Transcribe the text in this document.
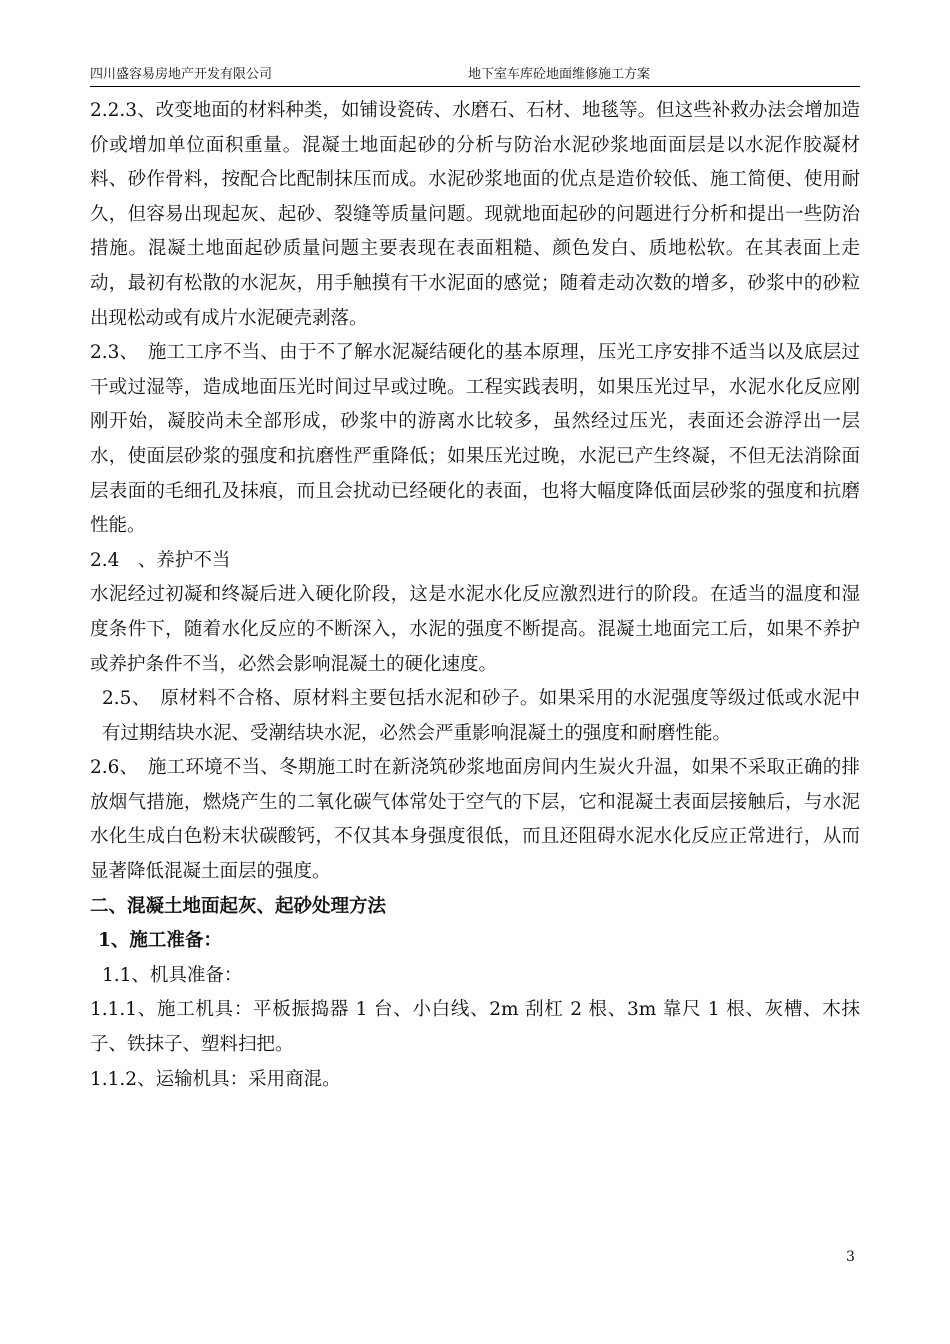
四川盛容易房地产开发有限公司	地下室车库砼地面维修施工方案

2.2.3、改变地面的材料种类，如铺设瓷砖、水磨石、石材、地毯等。但这些补救办法会增加造价或增加单位面积重量。混凝土地面起砂的分析与防治水泥砂浆地面面层是以水泥作胶凝材料、砂作骨料，按配合比配制抹压而成。水泥砂浆地面的优点是造价较低、施工简便、使用耐久，但容易出现起灰、起砂、裂缝等质量问题。现就地面起砂的问题进行分析和提出一些防治措施。混凝土地面起砂质量问题主要表现在表面粗糙、颜色发白、质地松软。在其表面上走动，最初有松散的水泥灰，用手触摸有干水泥面的感觉；随着走动次数的增多，砂浆中的砂粒出现松动或有成片水泥硬壳剥落。

2.3、　施工工序不当、由于不了解水泥凝结硬化的基本原理，压光工序安排不适当以及底层过干或过湿等，造成地面压光时间过早或过晚。工程实践表明，如果压光过早，水泥水化反应刚刚开始，凝胶尚未全部形成，砂浆中的游离水比较多，虽然经过压光，表面还会游浮出一层水，使面层砂浆的强度和抗磨性严重降低；如果压光过晚，水泥已产生终凝，不但无法消除面层表面的毛细孔及抹痕，而且会扰动已经硬化的表面，也将大幅度降低面层砂浆的强度和抗磨性能。

2.4　、养护不当

水泥经过初凝和终凝后进入硬化阶段，这是水泥水化反应激烈进行的阶段。在适当的温度和湿度条件下，随着水化反应的不断深入，水泥的强度不断提高。混凝土地面完工后，如果不养护或养护条件不当，必然会影响混凝土的硬化速度。

2.5、　原材料不合格、原材料主要包括水泥和砂子。如果采用的水泥强度等级过低或水泥中有过期结块水泥、受潮结块水泥，必然会严重影响混凝土的强度和耐磨性能。

2.6、　施工环境不当、冬期施工时在新浇筑砂浆地面房间内生炭火升温，如果不采取正确的排放烟气措施，燃烧产生的二氧化碳气体常处于空气的下层，它和混凝土表面层接触后，与水泥水化生成白色粉末状碳酸钙，不仅其本身强度很低，而且还阻碍水泥水化反应正常进行，从而显著降低混凝土面层的强度。

二、混凝土地面起灰、起砂处理方法

1、施工准备：

1.1、机具准备：

1.1.1、施工机具：平板振捣器 1 台、小白线、2m 刮杠 2 根、3m 靠尺 1 根、灰槽、木抹子、铁抹子、塑料扫把。

1.1.2、运输机具：采用商混。

3
